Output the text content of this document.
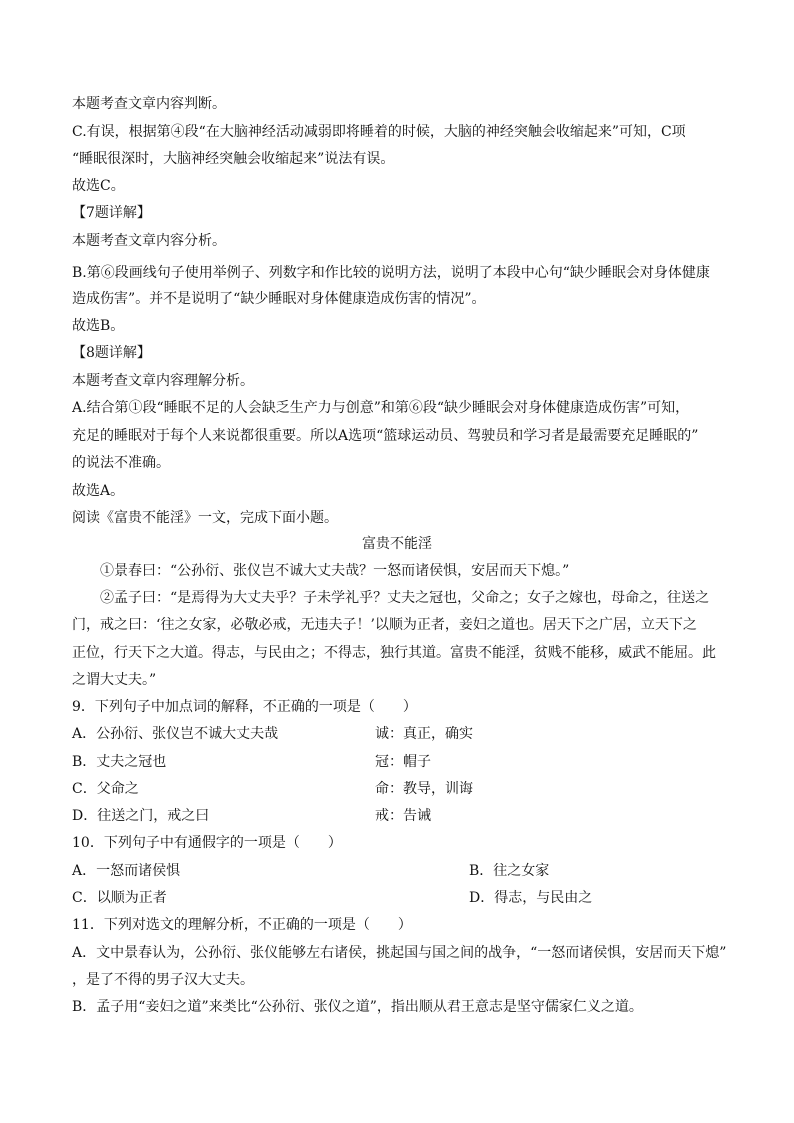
本题考查文章内容判断。
C.有误，根据第④段“在大脑神经活动减弱即将睡着的时候，大脑的神经突触会收缩起来”可知，C项
“睡眠很深时，大脑神经突触会收缩起来”说法有误。
故选C。
【7题详解】
本题考查文章内容分析。
B.第⑥段画线句子使用举例子、列数字和作比较的说明方法，说明了本段中心句“缺少睡眠会对身体健康
造成伤害”。并不是说明了“缺少睡眠对身体健康造成伤害的情况”。
故选B。
【8题详解】
本题考查文章内容理解分析。
A.结合第①段“睡眠不足的人会缺乏生产力与创意”和第⑥段“缺少睡眠会对身体健康造成伤害”可知，
充足的睡眠对于每个人来说都很重要。所以A选项“篮球运动员、驾驶员和学习者是最需要充足睡眠的”
的说法不准确。
故选A。
阅读《富贵不能淫》一文，完成下面小题。
富贵不能淫
①景春曰：“公孙衍、张仪岂不诚大丈夫哉？一怒而诸侯惧，安居而天下熄。”
②孟子曰：“是焉得为大丈夫乎？子未学礼乎？丈夫之冠也，父命之；女子之嫁也，母命之，往送之
门，戒之曰：‘往之女家，必敬必戒，无违夫子！’以顺为正者，妾妇之道也。居天下之广居，立天下之
正位，行天下之大道。得志，与民由之；不得志，独行其道。富贵不能淫，贫贱不能移，威武不能屈。此
之谓大丈夫。”
9．下列句子中加点词的解释，不正确的一项是（　　）
A．公孙衍、张仪岂不诚大丈夫哉	诚：真正，确实
B．丈夫之冠也	冠：帽子
C．父命之	命：教导，训诲
D．往送之门，戒之曰	戒：告诫
10．下列句子中有通假字的一项是（　　）
A．一怒而诸侯惧	B．往之女家
C．以顺为正者	D．得志，与民由之
11．下列对选文的理解分析，不正确的一项是（　　）
A．文中景春认为，公孙衍、张仪能够左右诸侯，挑起国与国之间的战争，“一怒而诸侯惧，安居而天下熄”
，是了不得的男子汉大丈夫。
B．孟子用“妾妇之道”来类比“公孙衍、张仪之道”，指出顺从君王意志是坚守儒家仁义之道。
